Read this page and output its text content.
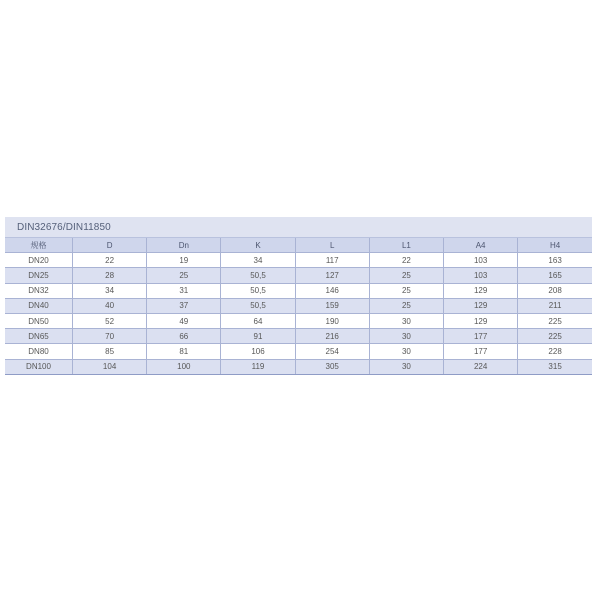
DIN32676/DIN11850
规格	D	Dn	K	L	L1	A4	H4
DN20	22	19	34	117	22	103	163
DN25	28	25	50,5	127	25	103	165
DN32	34	31	50,5	146	25	129	208
DN40	40	37	50,5	159	25	129	211
DN50	52	49	64	190	30	129	225
DN65	70	66	91	216	30	177	225
DN80	85	81	106	254	30	177	228
DN100	104	100	119	305	30	224	315
